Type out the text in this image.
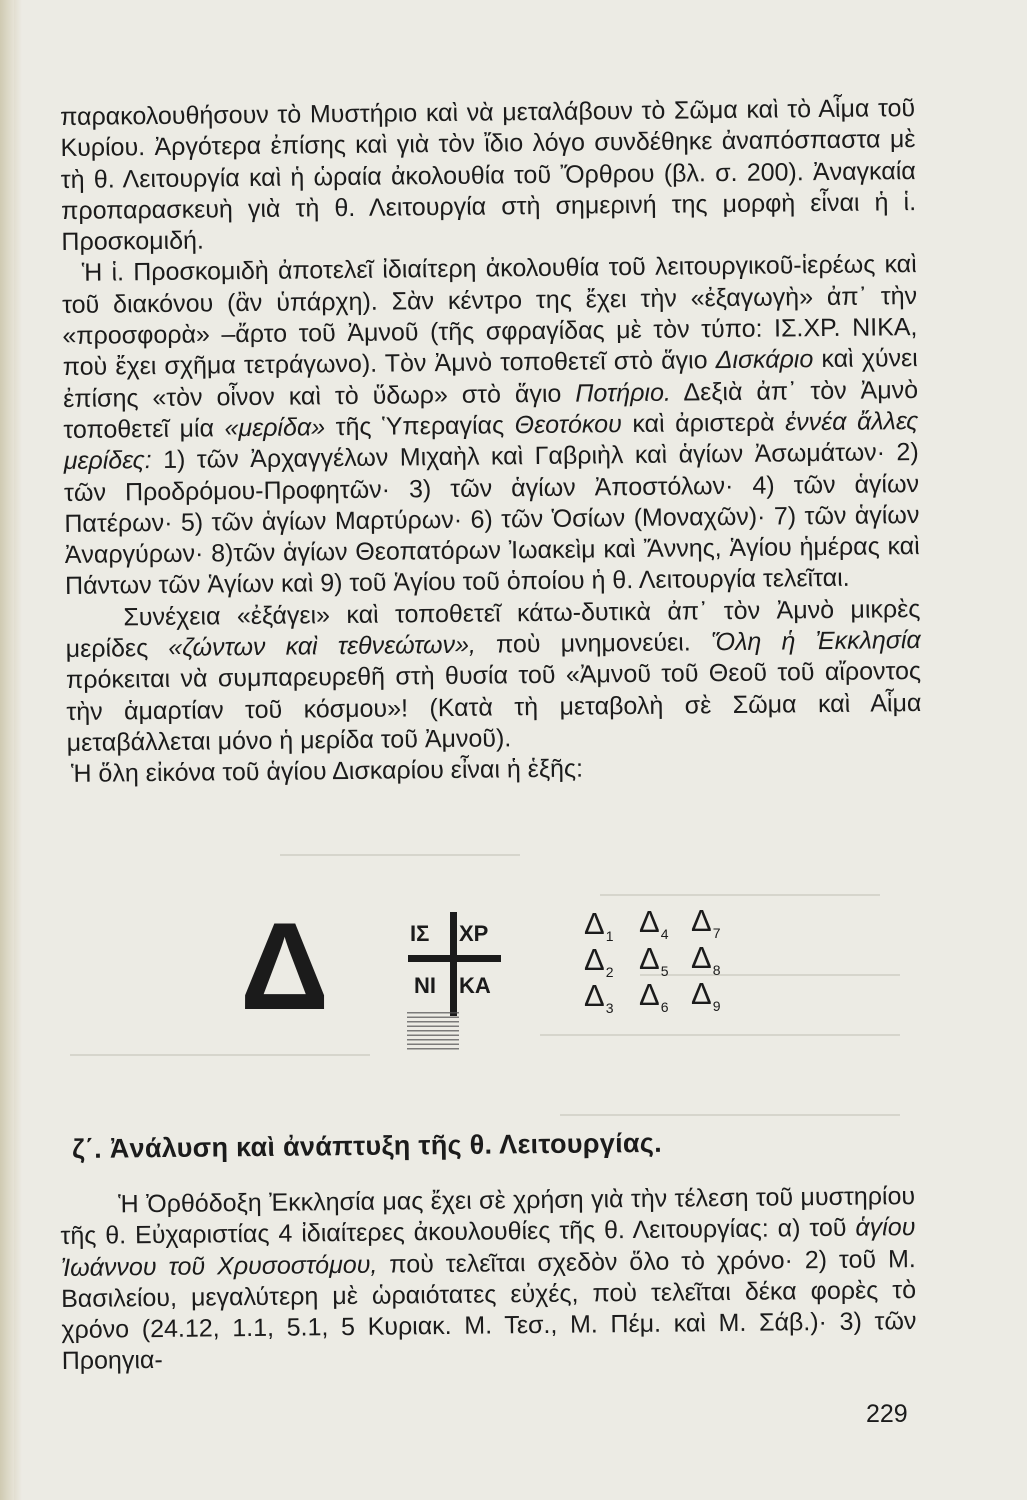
παρακολουθήσουν τὸ Μυστήριο καὶ νὰ μεταλάβουν τὸ Σῶμα καὶ τὸ Αἷμα τοῦ Κυρίου. Ἀργότερα ἐπίσης καὶ γιὰ τὸν ἴδιο λόγο συνδέθηκε ἀναπόσπαστα μὲ τὴ θ. Λειτουργία καὶ ἡ ὡραία ἀκολουθία τοῦ Ὄρθρου (βλ. σ. 200). Ἀναγκαία προπαρασκευὴ γιὰ τὴ θ. Λειτουργία στὴ σημερινή της μορφὴ εἶναι ἡ ἱ. Προσκομιδή.

Ἡ ἱ. Προσκομιδὴ ἀποτελεῖ ἰδιαίτερη ἀκολουθία τοῦ λειτουργικοῦ-ἱερέως καὶ τοῦ διακόνου (ἂν ὑπάρχη). Σὰν κέντρο της ἔχει τὴν «ἐξαγωγὴ» ἀπ᾿ τὴν «προσφορὰ» –ἄρτο τοῦ Ἀμνοῦ (τῆς σφραγίδας μὲ τὸν τύπο: ΙΣ.ΧΡ. ΝΙΚΑ, ποὺ ἔχει σχῆμα τετράγωνο). Τὸν Ἀμνὸ τοποθετεῖ στὸ ἅγιο Δισκάριο καὶ χύνει ἐπίσης «τὸν οἶνον καὶ τὸ ὕδωρ» στὸ ἅγιο Ποτήριο. Δεξιὰ ἀπ᾿ τὸν Ἀμνὸ τοποθετεῖ μία «μερίδα» τῆς Ὑπεραγίας Θεοτόκου καὶ ἀριστερὰ ἐννέα ἄλλες μερίδες: 1) τῶν Ἀρχαγγέλων Μιχαὴλ καὶ Γαβριὴλ καὶ ἁγίων Ἀσωμάτων· 2) τῶν Προδρόμου-Προφητῶν· 3) τῶν ἁγίων Ἀποστόλων· 4) τῶν ἁγίων Πατέρων· 5) τῶν ἁγίων Μαρτύρων· 6) τῶν Ὁσίων (Μοναχῶν)· 7) τῶν ἁγίων Ἀναργύρων· 8)τῶν ἁγίων Θεοπατόρων Ἰωακεὶμ καὶ Ἄννης, Ἁγίου ἡμέρας καὶ Πάντων τῶν Ἁγίων καὶ 9) τοῦ Ἁγίου τοῦ ὁποίου ἡ θ. Λειτουργία τελεῖται.

Συνέχεια «ἐξάγει» καὶ τοποθετεῖ κάτω-δυτικὰ ἀπ᾿ τὸν Ἀμνὸ μικρὲς μερίδες «ζώντων καὶ τεθνεώτων», ποὺ μνημονεύει. Ὅλη ἡ Ἐκκλησία πρόκειται νὰ συμπαρευρεθῆ στὴ θυσία τοῦ «Ἀμνοῦ τοῦ Θεοῦ τοῦ αἴροντος τὴν ἁμαρτίαν τοῦ κόσμου»! (Κατὰ τὴ μεταβολὴ σὲ Σῶμα καὶ Αἷμα μεταβάλλεται μόνο ἡ μερίδα τοῦ Ἀμνοῦ).

Ἡ ὅλη εἰκόνα τοῦ ἁγίου Δισκαρίου εἶναι ἡ ἑξῆς:

Δ	ΙΣ ΧΡ
ΝΙ ΚΑ
$\Delta_1$ $\Delta_4$ $\Delta_7$
$\Delta_2$ $\Delta_5$ $\Delta_8$
$\Delta_3$ $\Delta_6$ $\Delta_9$
ζ΄. Ἀνάλυση καὶ ἀνάπτυξη τῆς θ. Λειτουργίας.

Ἡ Ὀρθόδοξη Ἐκκλησία μας ἔχει σὲ χρήση γιὰ τὴν τέλεση τοῦ μυστηρίου τῆς θ. Εὐχαριστίας 4 ἰδιαίτερες ἀκουλουθίες τῆς θ. Λειτουργίας: α) τοῦ ἁγίου Ἰωάννου τοῦ Χρυσοστόμου, ποὺ τελεῖται σχεδὸν ὅλο τὸ χρόνο· 2) τοῦ Μ. Βασιλείου, μεγαλύτερη μὲ ὡραιότατες εὐχές, ποὺ τελεῖται δέκα φορὲς τὸ χρόνο (24.12, 1.1, 5.1, 5 Κυριακ. Μ. Τεσ., Μ. Πέμ. καὶ Μ. Σάβ.)· 3) τῶν Προηγια-

229
